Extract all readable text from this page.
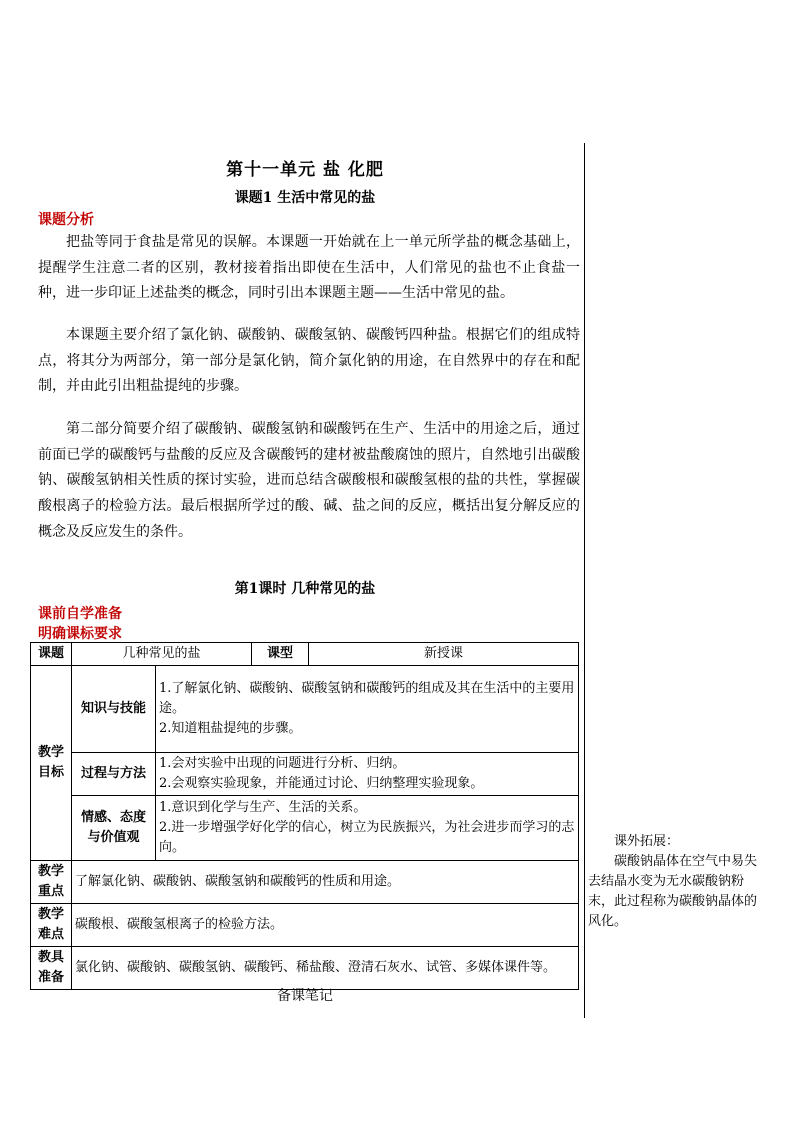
第十一单元 盐 化肥
课题1 生活中常见的盐
课题分析

把盐等同于食盐是常见的误解。本课题一开始就在上一单元所学盐的概念基础上，提醒学生注意二者的区别，教材接着指出即使在生活中，人们常见的盐也不止食盐一种，进一步印证上述盐类的概念，同时引出本课题主题——生活中常见的盐。

本课题主要介绍了氯化钠、碳酸钠、碳酸氢钠、碳酸钙四种盐。根据它们的组成特点，将其分为两部分，第一部分是氯化钠，简介氯化钠的用途，在自然界中的存在和配制，并由此引出粗盐提纯的步骤。

第二部分简要介绍了碳酸钠、碳酸氢钠和碳酸钙在生产、生活中的用途之后，通过前面已学的碳酸钙与盐酸的反应及含碳酸钙的建材被盐酸腐蚀的照片，自然地引出碳酸钠、碳酸氢钠相关性质的探讨实验，进而总结含碳酸根和碳酸氢根的盐的共性，掌握碳酸根离子的检验方法。最后根据所学过的酸、碱、盐之间的反应，概括出复分解反应的概念及反应发生的条件。

第1课时 几种常见的盐
课前自学准备
明确课标要求
课题	几种常见的盐		课型	新授课
教学目标	知识与技能	1.了解氯化钠、碳酸钠、碳酸氢钠和碳酸钙的组成及其在生活中的主要用途。
2.知道粗盐提纯的步骤。		

	过程与方法	1.会对实验中出现的问题进行分析、归纳。
2.会观察实验现象，并能通过讨论、归纳整理实验现象。		

	情感、态度与价值观	1.意识到化学与生产、生活的关系。
2.进一步增强学好化学的信心，树立为民族振兴，为社会进步而学习的志向。		

教学重点	了解氯化钠、碳酸钠、碳酸氢钠和碳酸钙的性质和用途。			
教学难点	碳酸根、碳酸氢根离子的检验方法。			
教具准备	氯化钠、碳酸钠、碳酸氢钠、碳酸钙、稀盐酸、澄清石灰水、试管、多媒体课件等。			
课外拓展：
碳酸钠晶体在空气中易失去结晶水变为无水碳酸钠粉末，此过程称为碳酸钠晶体的风化。
备课笔记
